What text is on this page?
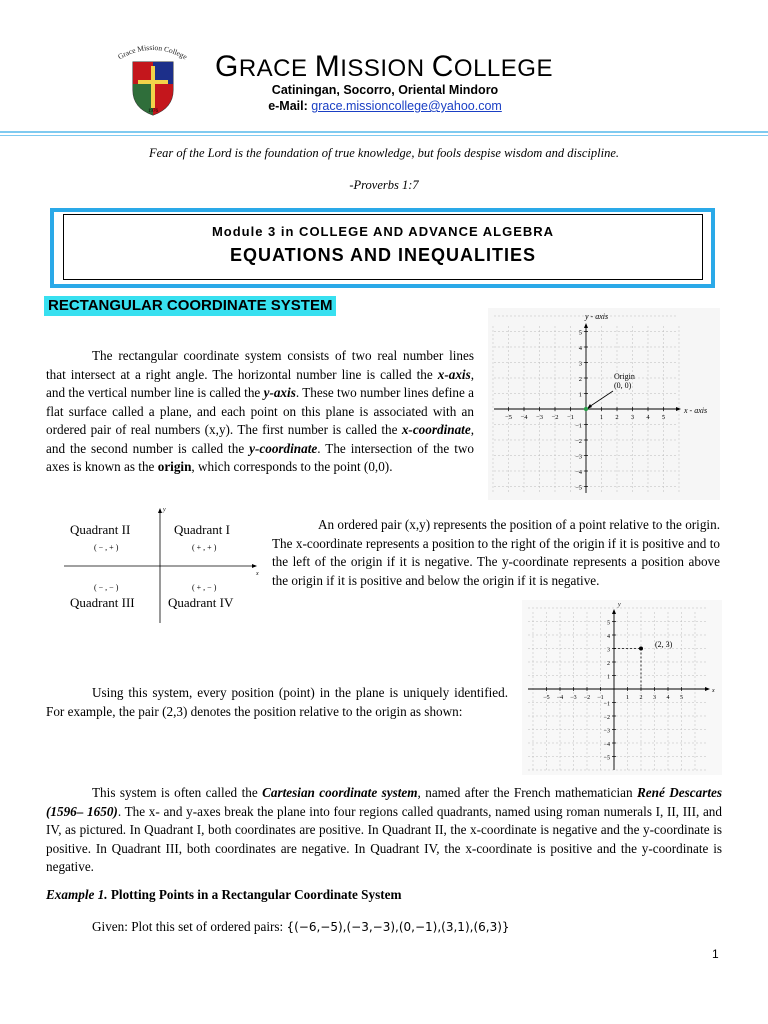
Grace Mission College
1976
GRACE MISSION COLLEGE
Catiningan, Socorro, Oriental Mindoro
e-Mail: grace.missioncollege@yahoo.com
Fear of the Lord is the foundation of true knowledge, but fools despise wisdom and discipline.
-Proverbs 1:7
Module 3 in COLLEGE AND ADVANCE ALGEBRA
EQUATIONS AND INEQUALITIES
RECTANGULAR COORDINATE SYSTEM
The rectangular coordinate system consists of two real number lines that intersect at a right angle. The horizontal number line is called the x-axis, and the vertical number line is called the y-axis. These two number lines define a flat surface called a plane, and each point on this plane is associated with an ordered pair of real numbers (x,y). The first number is called the x-coordinate, and the second number is called the y-coordinate. The intersection of the two axes is known as the origin, which corresponds to the point (0,0).
−5 −4 −3 −2 −1	1 2 3 4 5
5
4
3
2
1
−1
−2
−3
−4
−5
y - axis
x - axis
Origin
(0, 0)
x
y
Quadrant II
( − , + )
Quadrant I
( + , + )
( − , − )
Quadrant III
( + , − )
Quadrant IV
An ordered pair (x,y) represents the position of a point relative to the origin. The x-coordinate represents a position to the right of the origin if it is positive and to the left of the origin if it is negative. The y-coordinate represents a position above the origin if it is positive and below the origin if it is negative.
−5 −4 −3 −2 −1	1 2 3 4 5
5
4
3
2
1
−1
−2
−3
−4
−5
x
y
(2, 3)
Using this system, every position (point) in the plane is uniquely identified. For example, the pair (2,3) denotes the position relative to the origin as shown:
This system is often called the Cartesian coordinate system, named after the French mathematician René Descartes (1596– 1650). The x- and y-axes break the plane into four regions called quadrants, named using roman numerals I, II, III, and IV, as pictured. In Quadrant I, both coordinates are positive. In Quadrant II, the x-coordinate is negative and the y-coordinate is positive. In Quadrant III, both coordinates are negative. In Quadrant IV, the x-coordinate is positive and the y-coordinate is negative.
Example 1. Plotting Points in a Rectangular Coordinate System
Given: Plot this set of ordered pairs: {(−6,−5),(−3,−3),(0,−1),(3,1),(6,3)}
1
